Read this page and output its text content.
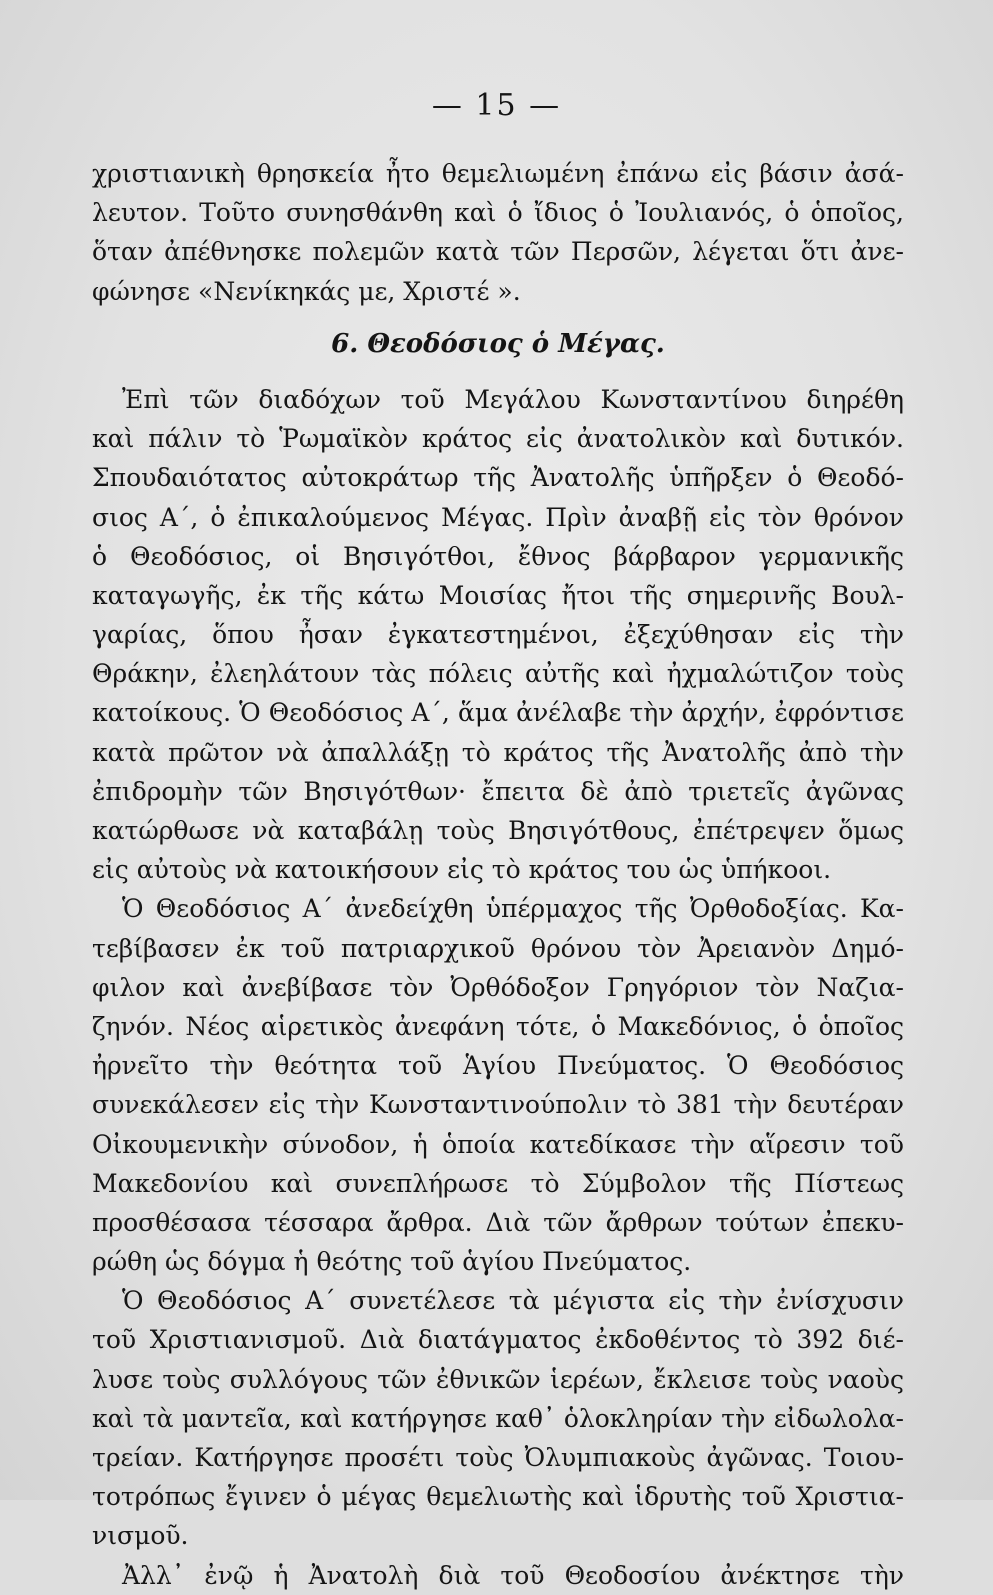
— 15 —
χριστιανικὴ θρησκεία ἦτο θεμελιωμένη ἐπάνω εἰς βάσιν ἀσά-
λευτον. Τοῦτο συνησθάνθη καὶ ὁ ἴδιος ὁ Ἰουλιανός, ὁ ὁποῖος,
ὅταν ἀπέθνησκε πολεμῶν κατὰ τῶν Περσῶν, λέγεται ὅτι ἀνε-
φώνησε «Νενίκηκάς με, Χριστέ ».
6. Θεοδόσιος ὁ Μέγας.
Ἐπὶ τῶν διαδόχων τοῦ Μεγάλου Κωνσταντίνου διηρέθη
καὶ πάλιν τὸ Ῥωμαϊκὸν κράτος εἰς ἀνατολικὸν καὶ δυτικόν.
Σπουδαιότατος αὐτοκράτωρ τῆς Ἀνατολῆς ὑπῆρξεν ὁ Θεοδό-
σιος Α΄, ὁ ἐπικαλούμενος Μέγας. Πρὶν ἀναβῇ εἰς τὸν θρόνον
ὁ Θεοδόσιος, οἱ Βησιγότθοι, ἔθνος βάρβαρον γερμανικῆς
καταγωγῆς, ἐκ τῆς κάτω Μοισίας ἤτοι τῆς σημερινῆς Βουλ-
γαρίας, ὅπου ἦσαν ἐγκατεστημένοι, ἐξεχύθησαν εἰς τὴν
Θράκην, ἐλεηλάτουν τὰς πόλεις αὐτῆς καὶ ἠχμαλώτιζον τοὺς
κατοίκους. Ὁ Θεοδόσιος Α΄, ἅμα ἀνέλαβε τὴν ἀρχήν, ἐφρόντισε
κατὰ πρῶτον νὰ ἀπαλλάξῃ τὸ κράτος τῆς Ἀνατολῆς ἀπὸ τὴν
ἐπιδρομὴν τῶν Βησιγότθων· ἔπειτα δὲ ἀπὸ τριετεῖς ἀγῶνας
κατώρθωσε νὰ καταβάλῃ τοὺς Βησιγότθους, ἐπέτρεψεν ὅμως
εἰς αὐτοὺς νὰ κατοικήσουν εἰς τὸ κράτος του ὡς ὑπήκοοι.
Ὁ Θεοδόσιος Α΄ ἀνεδείχθη ὑπέρμαχος τῆς Ὀρθοδοξίας. Κα-
τεβίβασεν ἐκ τοῦ πατριαρχικοῦ θρόνου τὸν Ἀρειανὸν Δημό-
φιλον καὶ ἀνεβίβασε τὸν Ὀρθόδοξον Γρηγόριον τὸν Ναζια-
ζηνόν. Νέος αἱρετικὸς ἀνεφάνη τότε, ὁ Μακεδόνιος, ὁ ὁποῖος
ἠρνεῖτο τὴν θεότητα τοῦ Ἁγίου Πνεύματος. Ὁ Θεοδόσιος
συνεκάλεσεν εἰς τὴν Κωνσταντινούπολιν τὸ 381 τὴν δευτέραν
Οἰκουμενικὴν σύνοδον, ἡ ὁποία κατεδίκασε τὴν αἵρεσιν τοῦ
Μακεδονίου καὶ συνεπλήρωσε τὸ Σύμβολον τῆς Πίστεως
προσθέσασα τέσσαρα ἄρθρα. Διὰ τῶν ἄρθρων τούτων ἐπεκυ-
ρώθη ὡς δόγμα ἡ θεότης τοῦ ἁγίου Πνεύματος.
Ὁ Θεοδόσιος Α΄ συνετέλεσε τὰ μέγιστα εἰς τὴν ἐνίσχυσιν
τοῦ Χριστιανισμοῦ. Διὰ διατάγματος ἐκδοθέντος τὸ 392 διέ-
λυσε τοὺς συλλόγους τῶν ἐθνικῶν ἱερέων, ἔκλεισε τοὺς ναοὺς
καὶ τὰ μαντεῖα, καὶ κατήργησε καθ᾽ ὁλοκληρίαν τὴν εἰδωλολα-
τρείαν. Κατήργησε προσέτι τοὺς Ὀλυμπιακοὺς ἀγῶνας. Τοιου-
τοτρόπως ἔγινεν ὁ μέγας θεμελιωτὴς καὶ ἱδρυτὴς τοῦ Χριστια-
νισμοῦ.
Ἀλλ᾽ ἐνῷ ἡ Ἀνατολὴ διὰ τοῦ Θεοδοσίου ἀνέκτησε τὴν
